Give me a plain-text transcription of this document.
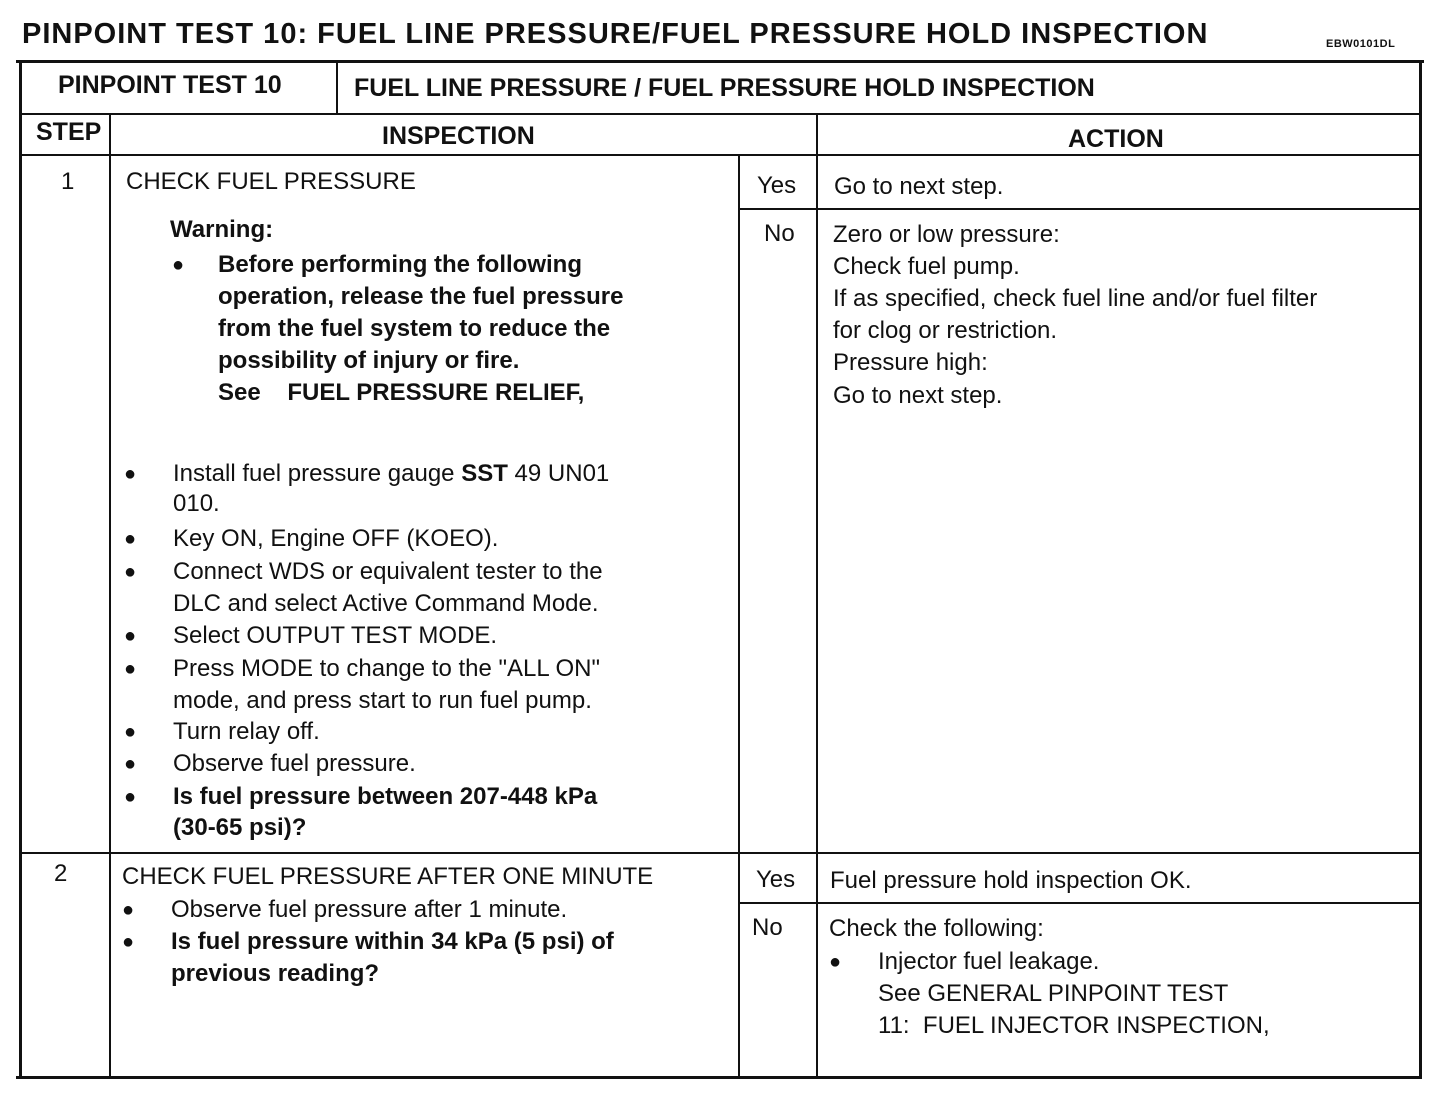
PINPOINT TEST 10: FUEL LINE PRESSURE/FUEL PRESSURE HOLD INSPECTION	EBW0101DL
PINPOINT TEST 10	FUEL LINE PRESSURE / FUEL PRESSURE HOLD INSPECTION
STEP	INSPECTION	ACTION
1 CHECK FUEL PRESSURE
Warning:
● Before performing the following
operation, release the fuel pressure
from the fuel system to reduce the
possibility of injury or fire.
See    FUEL PRESSURE RELIEF,
● Install fuel pressure gauge SST 49 UN01
010.
● Key ON, Engine OFF (KOEO).
● Connect WDS or equivalent tester to the
DLC and select Active Command Mode.
● Select OUTPUT TEST MODE.
● Press MODE to change to the "ALL ON"
mode, and press start to run fuel pump.
● Turn relay off.
● Observe fuel pressure.
● Is fuel pressure between 207-448 kPa
(30-65 psi)?
Yes Go to next step.
No Zero or low pressure:
Check fuel pump.
If as specified, check fuel line and/or fuel filter
for clog or restriction.
Pressure high:
Go to next step.
2 CHECK FUEL PRESSURE AFTER ONE MINUTE
● Observe fuel pressure after 1 minute.
● Is fuel pressure within 34 kPa (5 psi) of
previous reading?
Yes Fuel pressure hold inspection OK.
No Check the following:
● Injector fuel leakage.
See GENERAL PINPOINT TEST
11:  FUEL INJECTOR INSPECTION,
